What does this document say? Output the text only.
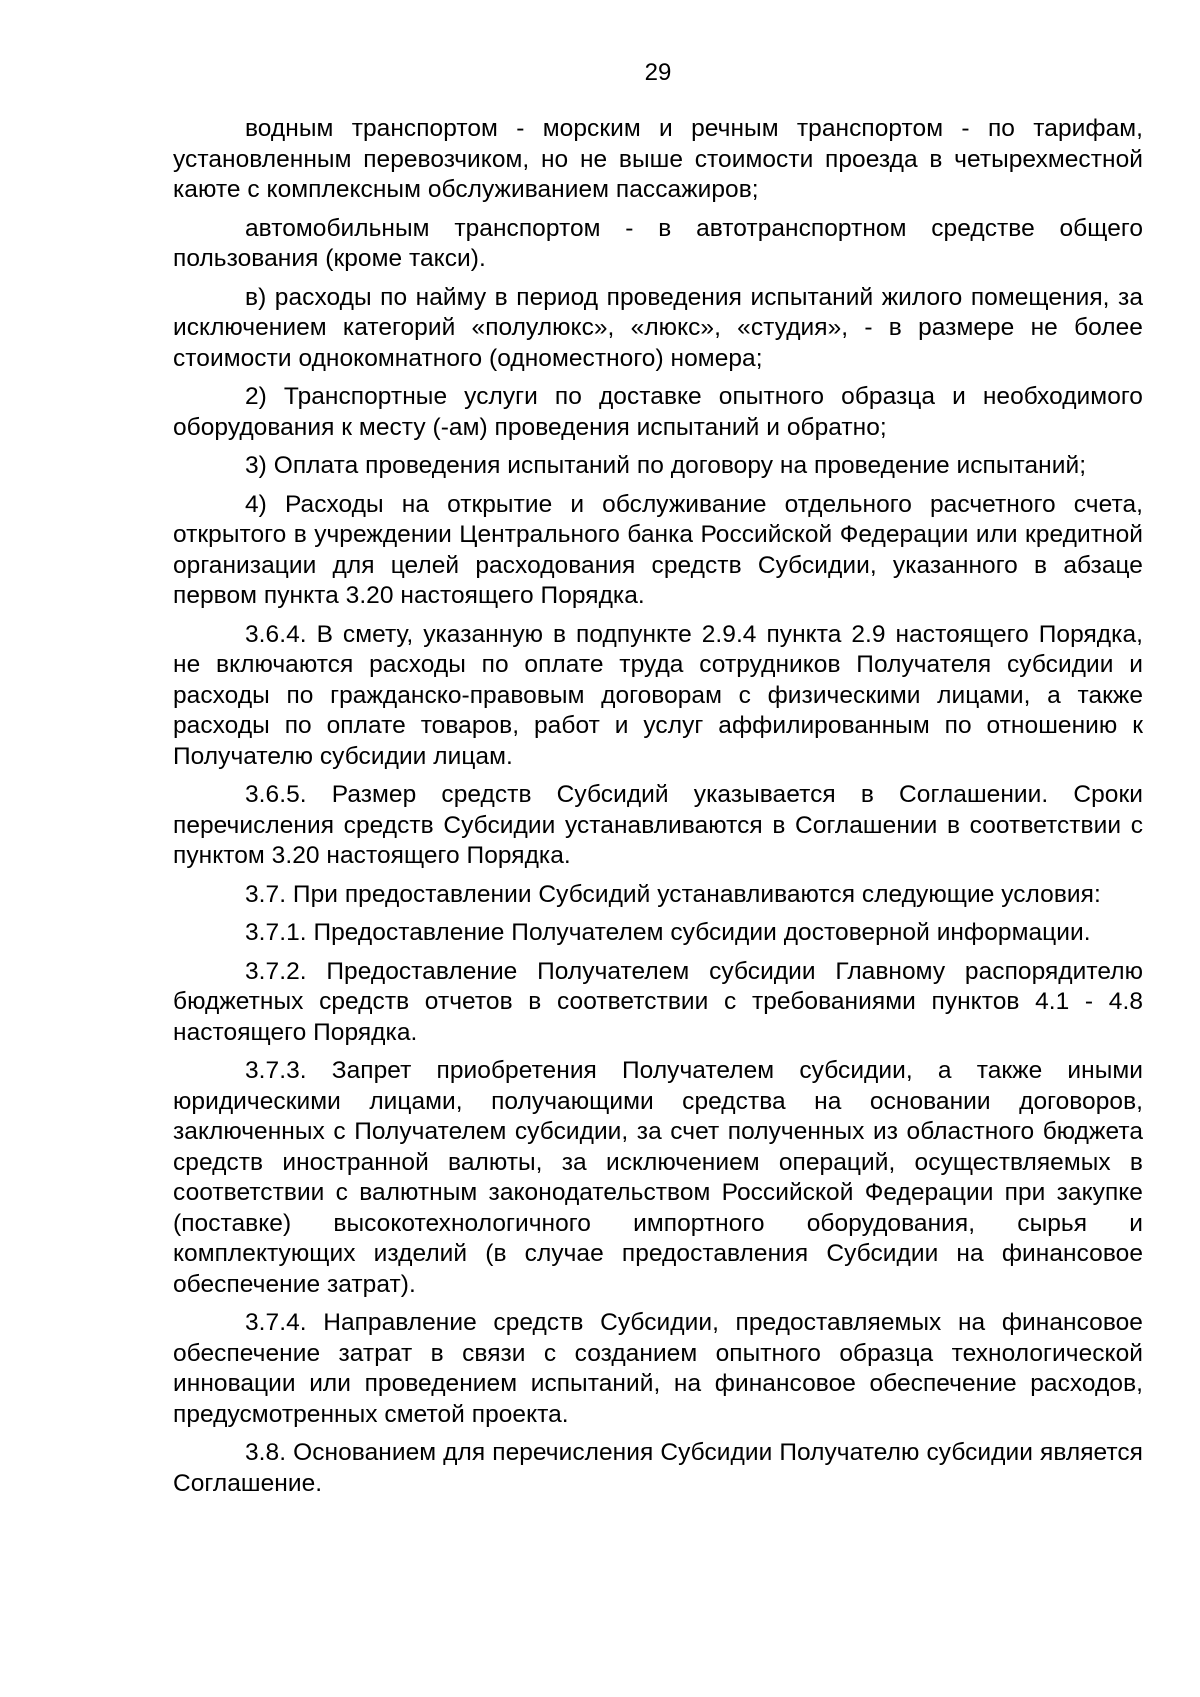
29

водным транспортом - морским и речным транспортом - по тарифам, установленным перевозчиком, но не выше стоимости проезда в четырехместной каюте с комплексным обслуживанием пассажиров;

автомобильным транспортом - в автотранспортном средстве общего пользования (кроме такси).

в) расходы по найму в период проведения испытаний жилого помещения, за исключением категорий «полулюкс», «люкс», «студия», - в размере не более стоимости однокомнатного (одноместного) номера;

2) Транспортные услуги по доставке опытного образца и необходимого оборудования к месту (-ам) проведения испытаний и обратно;

3) Оплата проведения испытаний по договору на проведение испытаний;

4) Расходы на открытие и обслуживание отдельного расчетного счета, открытого в учреждении Центрального банка Российской Федерации или кредитной организации для целей расходования средств Субсидии, указанного в абзаце первом пункта 3.20 настоящего Порядка.

3.6.4. В смету, указанную в подпункте 2.9.4 пункта 2.9 настоящего Порядка, не включаются расходы по оплате труда сотрудников Получателя субсидии и расходы по гражданско-правовым договорам с физическими лицами, а также расходы по оплате товаров, работ и услуг аффилированным по отношению к Получателю субсидии лицам.

3.6.5. Размер средств Субсидий указывается в Соглашении. Сроки перечисления средств Субсидии устанавливаются в Соглашении в соответствии с пунктом 3.20 настоящего Порядка.

3.7. При предоставлении Субсидий устанавливаются следующие условия:

3.7.1. Предоставление Получателем субсидии достоверной информации.

3.7.2. Предоставление Получателем субсидии Главному распорядителю бюджетных средств отчетов в соответствии с требованиями пунктов 4.1 - 4.8 настоящего Порядка.

3.7.3. Запрет приобретения Получателем субсидии, а также иными юридическими лицами, получающими средства на основании договоров, заключенных с Получателем субсидии, за счет полученных из областного бюджета средств иностранной валюты, за исключением операций, осуществляемых в соответствии с валютным законодательством Российской Федерации при закупке (поставке) высокотехнологичного импортного оборудования, сырья и комплектующих изделий (в случае предоставления Субсидии на финансовое обеспечение затрат).

3.7.4. Направление средств Субсидии, предоставляемых на финансовое обеспечение затрат в связи с созданием опытного образца технологической инновации или проведением испытаний, на финансовое обеспечение расходов, предусмотренных сметой проекта.

3.8. Основанием для перечисления Субсидии Получателю субсидии является Соглашение.
